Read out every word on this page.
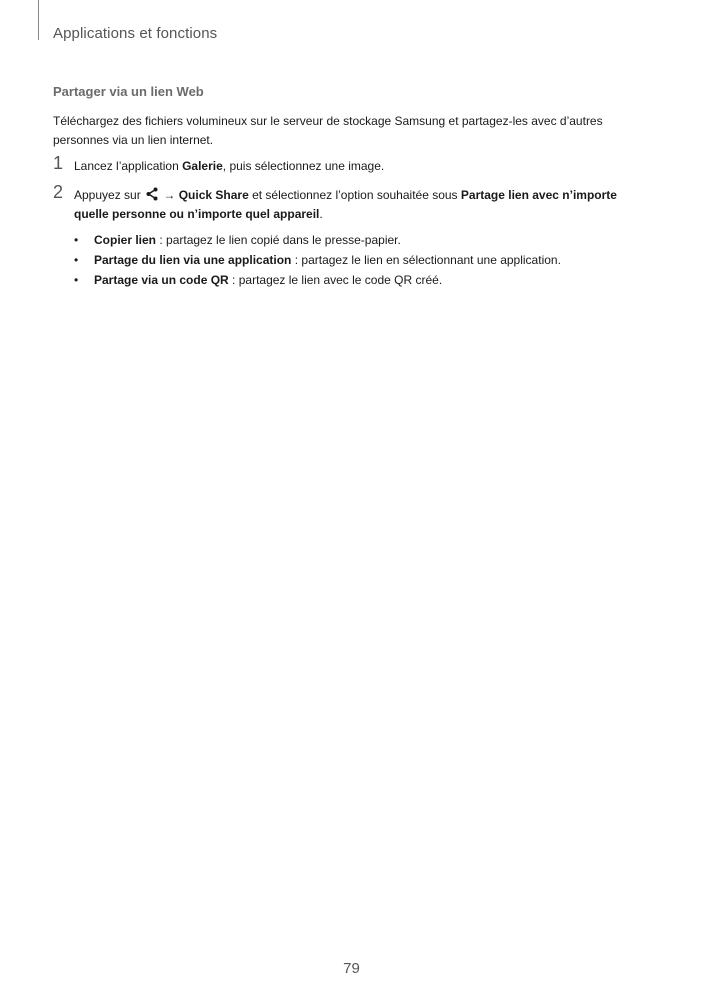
Applications et fonctions
Partager via un lien Web
Téléchargez des fichiers volumineux sur le serveur de stockage Samsung et partagez-les avec d’autres personnes via un lien internet.
1 Lancez l’application Galerie, puis sélectionnez une image.
2 Appuyez sur  → Quick Share et sélectionnez l’option souhaitée sous Partage lien avec n’importe quelle personne ou n’importe quel appareil.
• Copier lien : partagez le lien copié dans le presse-papier.
• Partage du lien via une application : partagez le lien en sélectionnant une application.
• Partage via un code QR : partagez le lien avec le code QR créé.
79
